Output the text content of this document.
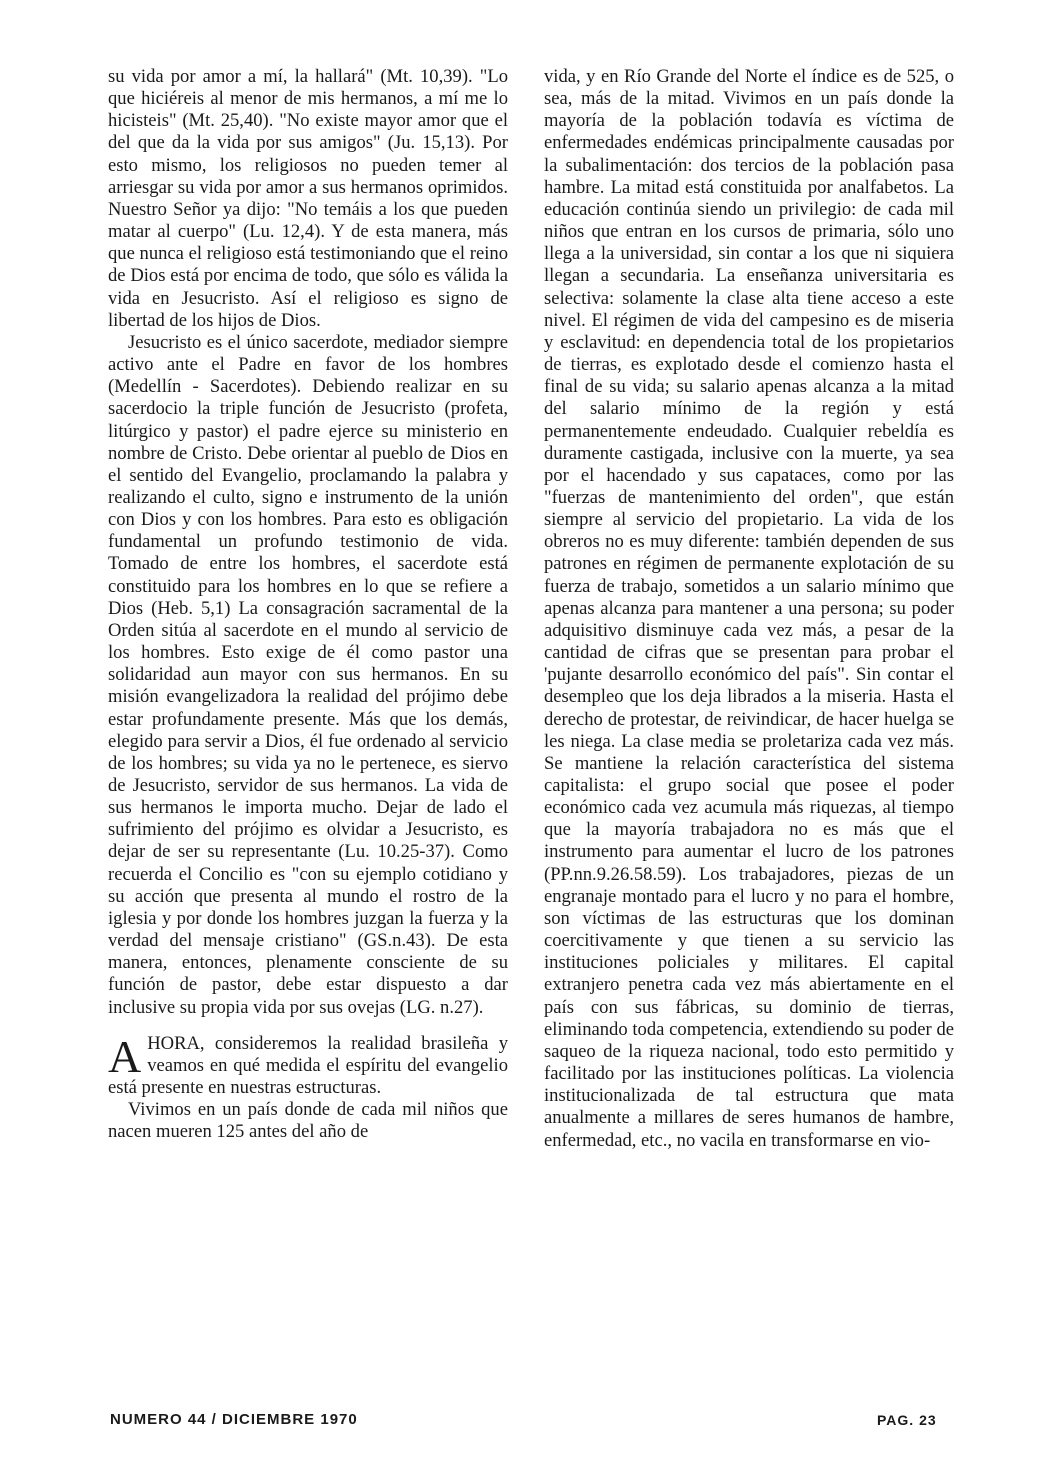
su vida por amor a mí, la hallará" (Mt. 10,39). "Lo que hiciéreis al menor de mis hermanos, a mí me lo hicisteis" (Mt. 25,40). "No existe mayor amor que el del que da la vida por sus amigos" (Ju. 15,13). Por esto mismo, los religiosos no pueden temer al arriesgar su vida por amor a sus hermanos oprimidos. Nuestro Señor ya dijo: "No temáis a los que pueden matar al cuerpo" (Lu. 12,4). Y de esta manera, más que nunca el religioso está testimoniando que el reino de Dios está por encima de todo, que sólo es válida la vida en Jesucristo. Así el religioso es signo de libertad de los hijos de Dios.

Jesucristo es el único sacerdote, mediador siempre activo ante el Padre en favor de los hombres (Medellín - Sacerdotes). Debiendo realizar en su sacerdocio la triple función de Jesucristo (profeta, litúrgico y pastor) el padre ejerce su ministerio en nombre de Cristo. Debe orientar al pueblo de Dios en el sentido del Evangelio, proclamando la palabra y realizando el culto, signo e instrumento de la unión con Dios y con los hombres. Para esto es obligación fundamental un profundo testimonio de vida. Tomado de entre los hombres, el sacerdote está constituido para los hombres en lo que se refiere a Dios (Heb. 5,1) La consagración sacramental de la Orden sitúa al sacerdote en el mundo al servicio de los hombres. Esto exige de él como pastor una solidaridad aun mayor con sus hermanos. En su misión evangelizadora la realidad del prójimo debe estar profundamente presente. Más que los demás, elegido para servir a Dios, él fue ordenado al servicio de los hombres; su vida ya no le pertenece, es siervo de Jesucristo, servidor de sus hermanos. La vida de sus hermanos le importa mucho. Dejar de lado el sufrimiento del prójimo es olvidar a Jesucristo, es dejar de ser su representante (Lu. 10.25-37). Como recuerda el Concilio es "con su ejemplo cotidiano y su acción que presenta al mundo el rostro de la iglesia y por donde los hombres juzgan la fuerza y la verdad del mensaje cristiano" (GS.n.43). De esta manera, entonces, plenamente consciente de su función de pastor, debe estar dispuesto a dar inclusive su propia vida por sus ovejas (LG. n.27).

AHORA, consideremos la realidad brasileña y veamos en qué medida el espíritu del evangelio está presente en nuestras estructuras.

Vivimos en un país donde de cada mil niños que nacen mueren 125 antes del año de

vida, y en Río Grande del Norte el índice es de 525, o sea, más de la mitad. Vivimos en un país donde la mayoría de la población todavía es víctima de enfermedades endémicas principalmente causadas por la subalimentación: dos tercios de la población pasa hambre. La mitad está constituida por analfabetos. La educación continúa siendo un privilegio: de cada mil niños que entran en los cursos de primaria, sólo uno llega a la universidad, sin contar a los que ni siquiera llegan a secundaria. La enseñanza universitaria es selectiva: solamente la clase alta tiene acceso a este nivel. El régimen de vida del campesino es de miseria y esclavitud: en dependencia total de los propietarios de tierras, es explotado desde el comienzo hasta el final de su vida; su salario apenas alcanza a la mitad del salario mínimo de la región y está permanentemente endeudado. Cualquier rebeldía es duramente castigada, inclusive con la muerte, ya sea por el hacendado y sus capataces, como por las "fuerzas de mantenimiento del orden", que están siempre al servicio del propietario. La vida de los obreros no es muy diferente: también dependen de sus patrones en régimen de permanente explotación de su fuerza de trabajo, sometidos a un salario mínimo que apenas alcanza para mantener a una persona; su poder adquisitivo disminuye cada vez más, a pesar de la cantidad de cifras que se presentan para probar el 'pujante desarrollo económico del país". Sin contar el desempleo que los deja librados a la miseria. Hasta el derecho de protestar, de reivindicar, de hacer huelga se les niega. La clase media se proletariza cada vez más. Se mantiene la relación característica del sistema capitalista: el grupo social que posee el poder económico cada vez acumula más riquezas, al tiempo que la mayoría trabajadora no es más que el instrumento para aumentar el lucro de los patrones (PP.nn.9.26.58.59). Los trabajadores, piezas de un engranaje montado para el lucro y no para el hombre, son víctimas de las estructuras que los dominan coercitivamente y que tienen a su servicio las instituciones policiales y militares. El capital extranjero penetra cada vez más abiertamente en el país con sus fábricas, su dominio de tierras, eliminando toda competencia, extendiendo su poder de saqueo de la riqueza nacional, todo esto permitido y facilitado por las instituciones políticas. La violencia institucionalizada de tal estructura que mata anualmente a millares de seres humanos de hambre, enfermedad, etc., no vacila en transformarse en vio-

NUMERO 44 / DICIEMBRE 1970	PAG. 23
